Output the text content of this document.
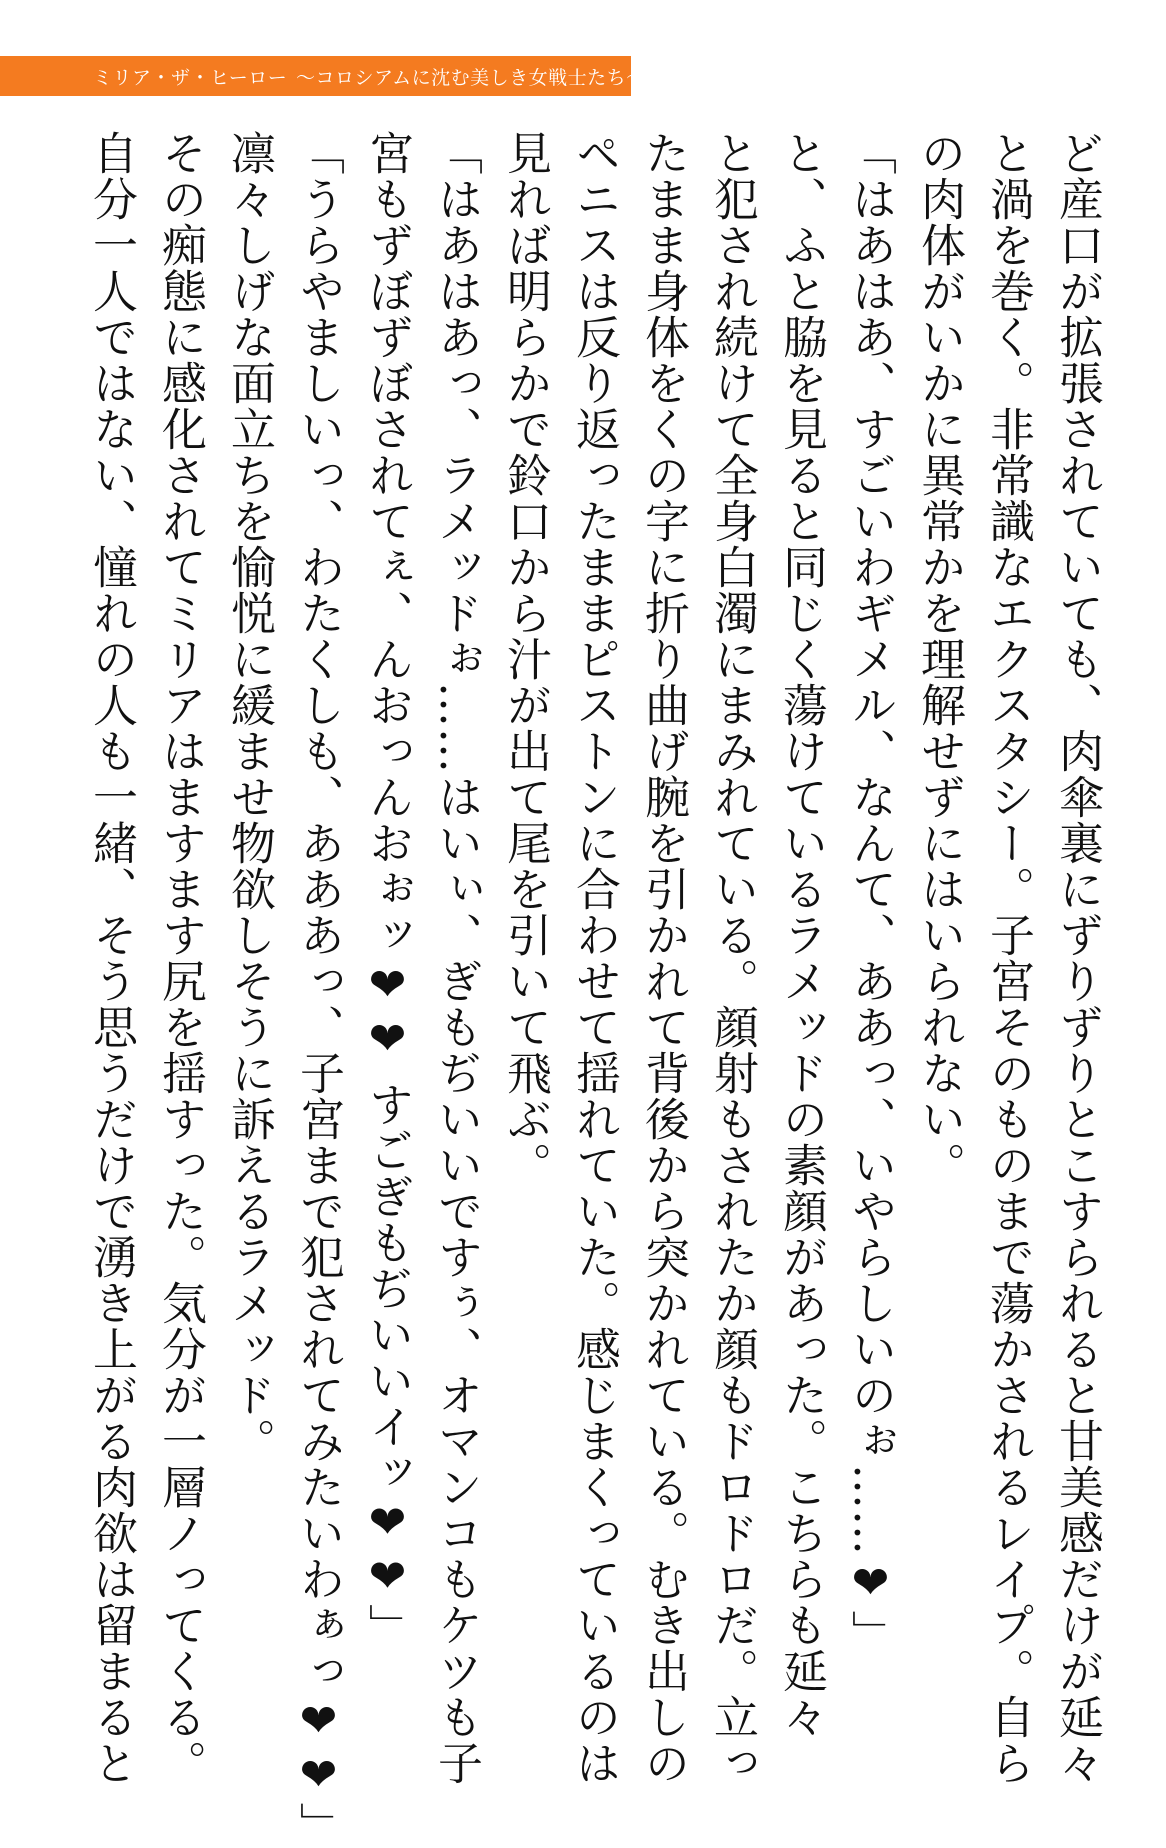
ミリア・ザ・ヒーロー 〜コロシアムに沈む美しき女戦士たち〜
ど産口が拡張されていても、肉傘裏にずりずりとこすられると甘美感だけが延々
と渦を巻く。非常識なエクスタシー。子宮そのものまで蕩かされるレイプ。自ら
の肉体がいかに異常かを理解せずにはいられない。
「はあはあ、すごいわギメル、なんて、ああっ、いやらしいのぉ……❤」
と、ふと脇を見ると同じく蕩けているラメッドの素顔があった。こちらも延々
と犯され続けて全身白濁にまみれている。顔射もされたか顔もドロドロだ。立っ
たまま身体をくの字に折り曲げ腕を引かれて背後から突かれている。むき出しの
ペニスは反り返ったままピストンに合わせて揺れていた。感じまくっているのは
見れば明らかで鈴口から汁が出て尾を引いて飛ぶ。
「はあはあっ、ラメッドぉ……はいぃ、ぎもぢいいですぅ、オマンコもケツも子
宮もずぼずぼされてぇ、んおっんおぉッ❤❤ すごぎもぢいいイッ❤❤」
「うらやましいっ、わたくしも、あああっ、子宮まで犯されてみたいわぁっ❤❤」
凛々しげな面立ちを愉悦に緩ませ物欲しそうに訴えるラメッド。
その痴態に感化されてミリアはますます尻を揺すった。気分が一層ノってくる。
自分一人ではない、憧れの人も一緒、そう思うだけで湧き上がる肉欲は留まると
